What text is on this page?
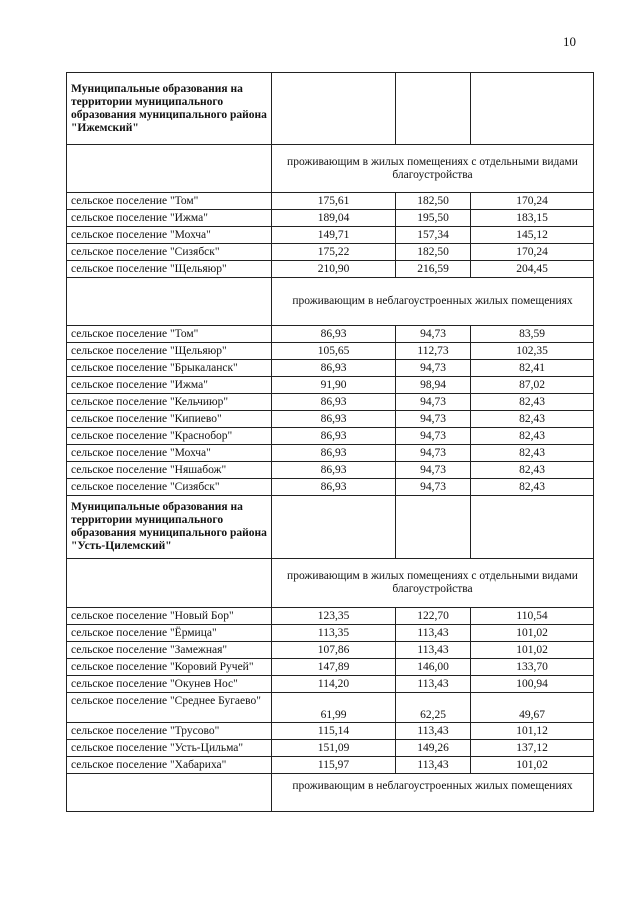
10
Муниципальные образования на территории муниципального образования муниципального района "Ижемский"			
	проживающим в жилых помещениях с отдельными видами благоустройства		
сельское поселение "Том"	175,61	182,50	170,24
сельское поселение "Ижма"	189,04	195,50	183,15
сельское поселение "Мохча"	149,71	157,34	145,12
сельское поселение "Сизябск"	175,22	182,50	170,24
сельское поселение "Щельяюр"	210,90	216,59	204,45
	проживающим в неблагоустроенных жилых помещениях		
сельское поселение "Том"	86,93	94,73	83,59
сельское поселение "Щельяюр"	105,65	112,73	102,35
сельское поселение "Брыкаланск"	86,93	94,73	82,41
сельское поселение "Ижма"	91,90	98,94	87,02
сельское поселение "Кельчиюр"	86,93	94,73	82,43
сельское поселение "Кипиево"	86,93	94,73	82,43
сельское поселение "Краснобор"	86,93	94,73	82,43
сельское поселение "Мохча"	86,93	94,73	82,43
сельское поселение "Няшабож"	86,93	94,73	82,43
сельское поселение "Сизябск"	86,93	94,73	82,43
Муниципальные образования на территории муниципального образования муниципального района "Усть-Цилемский"			
	проживающим в жилых помещениях с отдельными видами благоустройства		
сельское поселение "Новый Бор"	123,35	122,70	110,54
сельское поселение "Ёрмица"	113,35	113,43	101,02
сельское поселение "Замежная"	107,86	113,43	101,02
сельское поселение "Коровий Ручей"	147,89	146,00	133,70
сельское поселение "Окунев Нос"	114,20	113,43	100,94
сельское поселение "Среднее Бугаево"	61,99	62,25	49,67
сельское поселение "Трусово"	115,14	113,43	101,12
сельское поселение "Усть-Цильма"	151,09	149,26	137,12
сельское поселение "Хабариха"	115,97	113,43	101,02
	проживающим в неблагоустроенных жилых помещениях		
